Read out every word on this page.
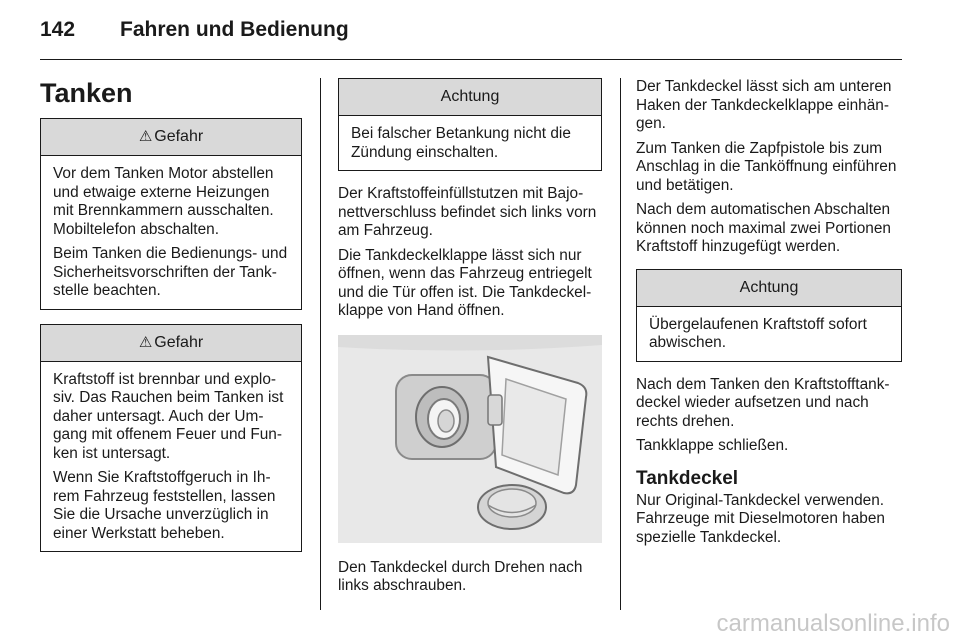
142 Fahren und Bedienung
Tanken
⚠ Gefahr

Vor dem Tanken Motor abstellen und etwaige externe Heizungen mit Brennkammern ausschalten. Mobiltelefon abschalten.

Beim Tanken die Bedienungs- und Sicherheitsvorschriften der Tankstelle beachten.

⚠ Gefahr

Kraftstoff ist brennbar und explosiv. Das Rauchen beim Tanken ist daher untersagt. Auch der Umgang mit offenem Feuer und Funken ist untersagt.

Wenn Sie Kraftstoffgeruch in Ihrem Fahrzeug feststellen, lassen Sie die Ursache unverzüglich in einer Werkstatt beheben.

Achtung

Bei falscher Betankung nicht die Zündung einschalten.

Der Kraftstoffeinfüllstutzen mit Bajonettverschluss befindet sich links vorn am Fahrzeug.

Die Tankdeckelklappe lässt sich nur öffnen, wenn das Fahrzeug entriegelt und die Tür offen ist. Die Tankdeckelklappe von Hand öffnen.

Den Tankdeckel durch Drehen nach links abschrauben.

Der Tankdeckel lässt sich am unteren Haken der Tankdeckelklappe einhängen.

Zum Tanken die Zapfpistole bis zum Anschlag in die Tanköffnung einführen und betätigen.

Nach dem automatischen Abschalten können noch maximal zwei Portionen Kraftstoff hinzugefügt werden.

Achtung

Übergelaufenen Kraftstoff sofort abwischen.

Nach dem Tanken den Kraftstofftankdeckel wieder aufsetzen und nach rechts drehen.

Tankklappe schließen.

Tankdeckel

Nur Original-Tankdeckel verwenden. Fahrzeuge mit Dieselmotoren haben spezielle Tankdeckel.

carmanualsonline.info
